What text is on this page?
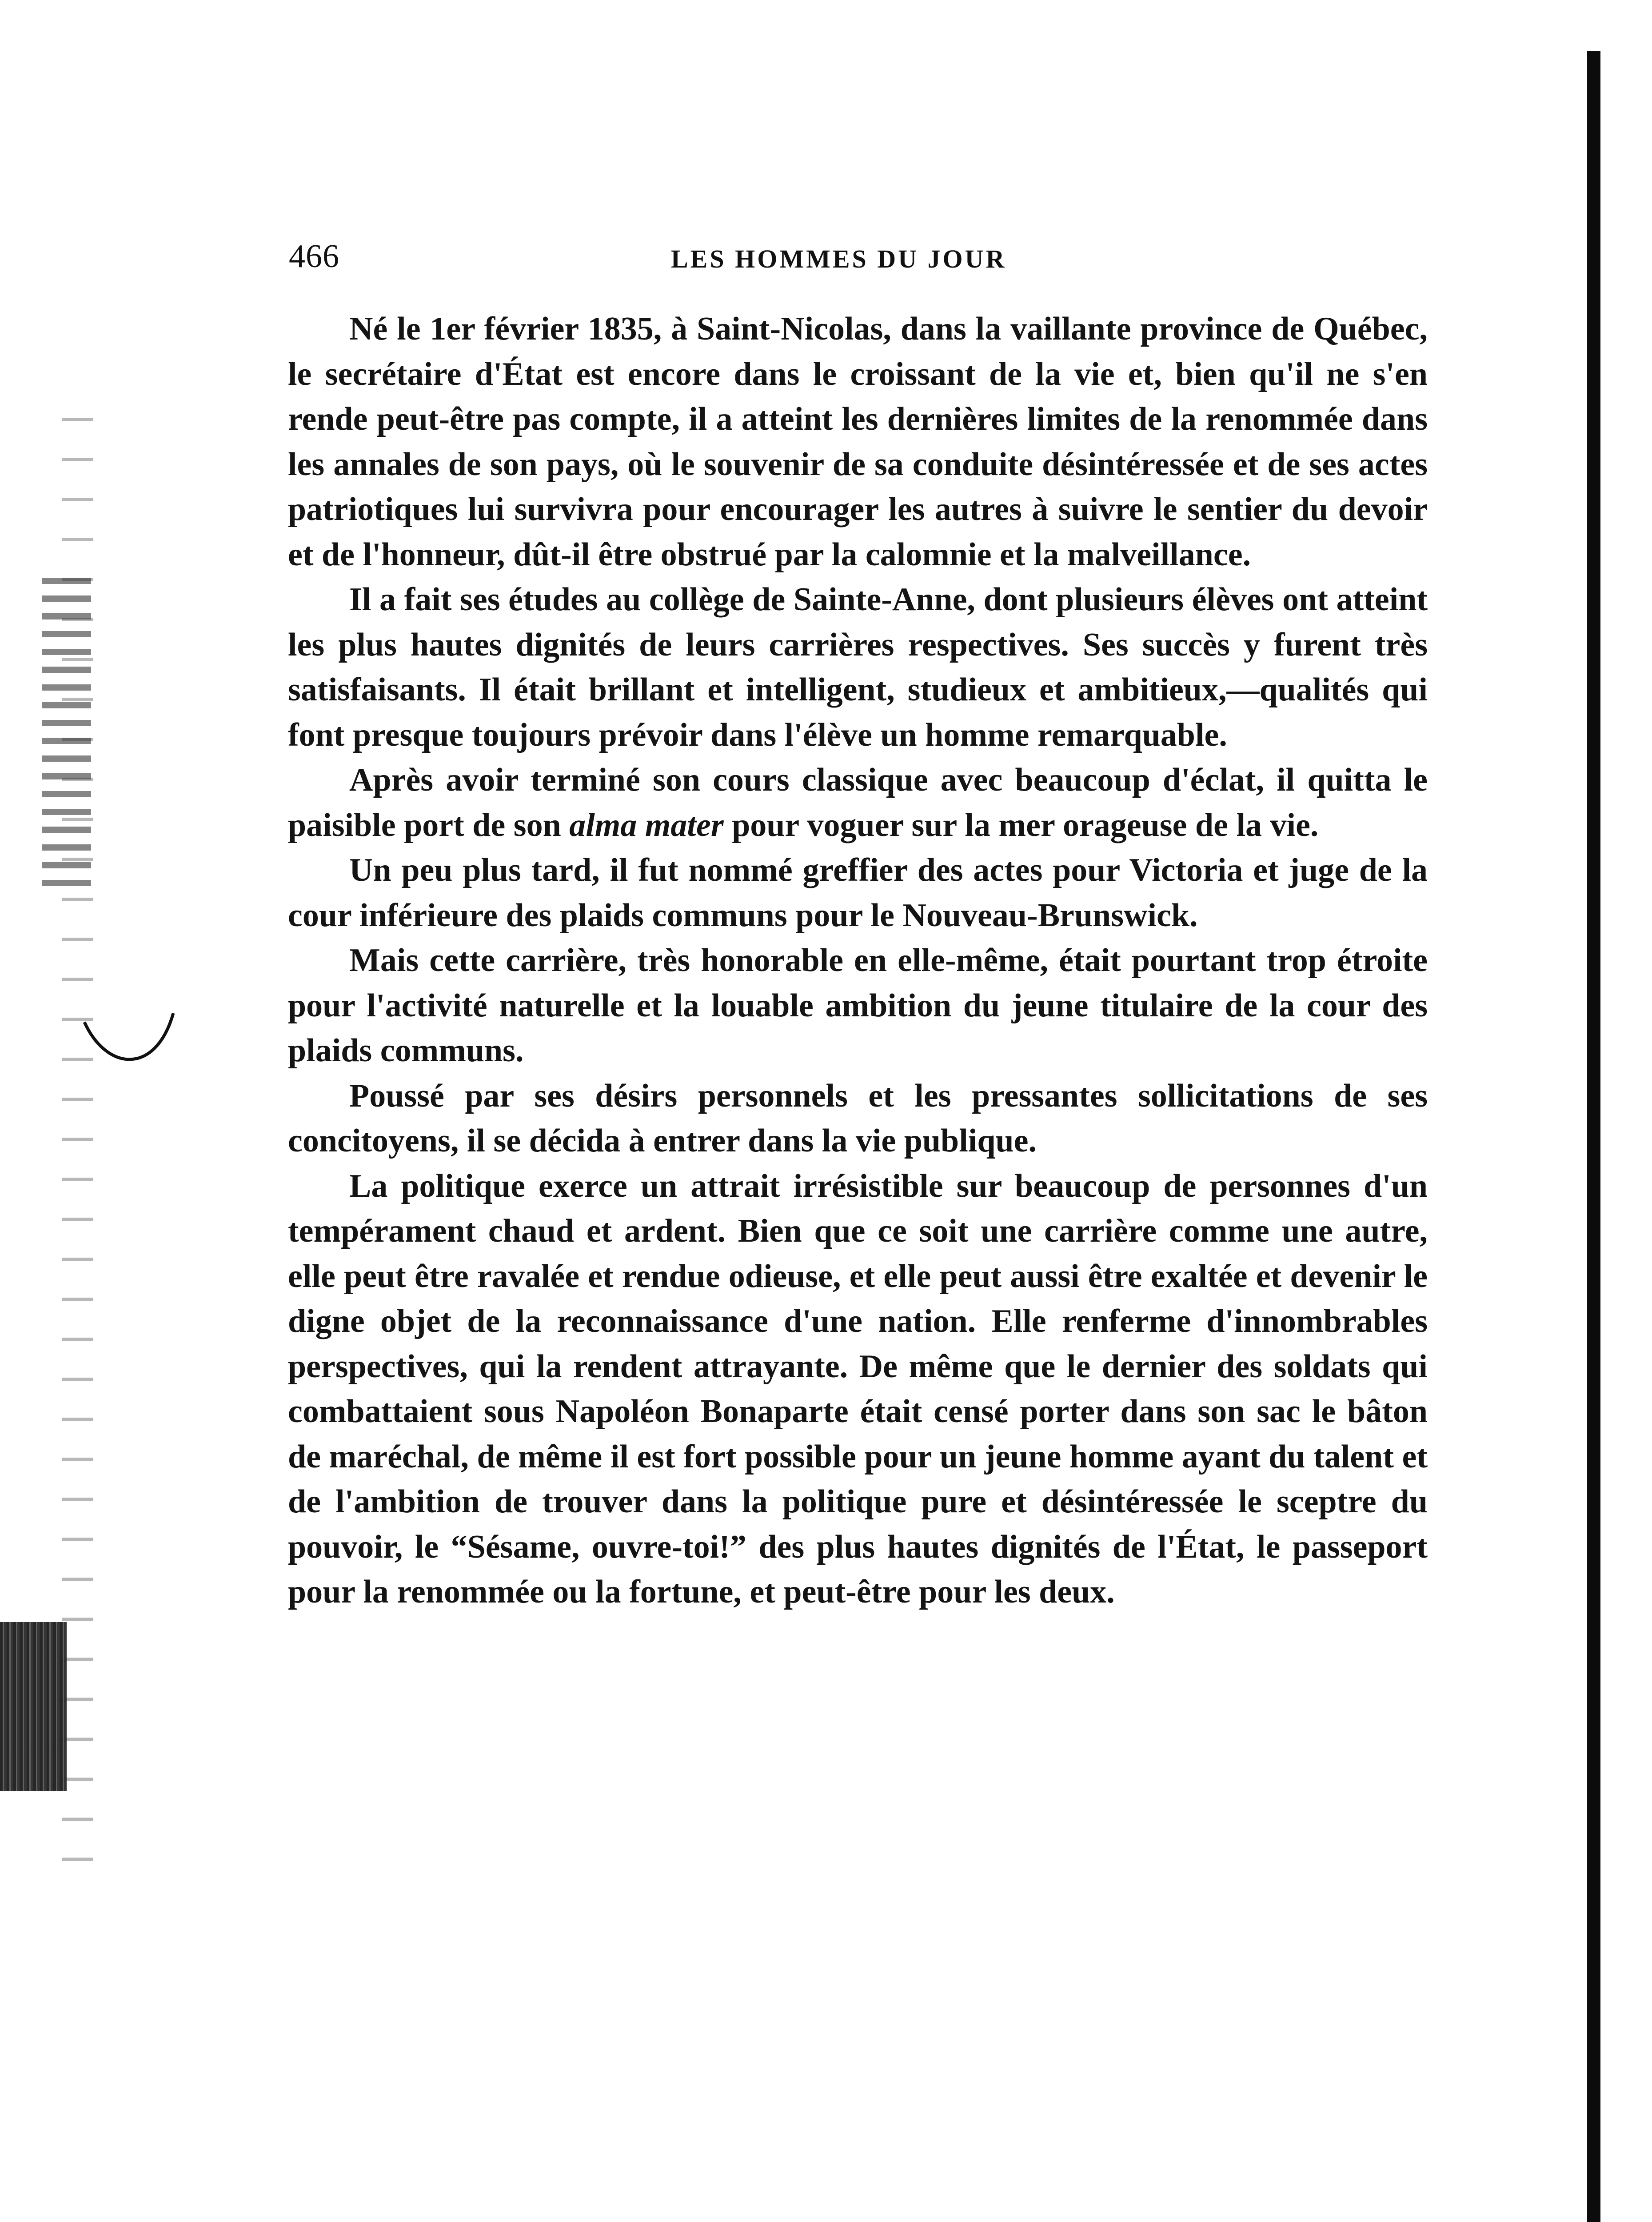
466	LES HOMMES DU JOUR

Né le 1er février 1835, à Saint-Nicolas, dans la vaillante province de Québec, le secrétaire d'État est encore dans le croissant de la vie et, bien qu'il ne s'en rende peut-être pas compte, il a atteint les dernières limites de la renommée dans les annales de son pays, où le souvenir de sa conduite désintéressée et de ses actes patriotiques lui survivra pour encourager les autres à suivre le sentier du devoir et de l'honneur, dût-il être obstrué par la calomnie et la malveillance.

Il a fait ses études au collège de Sainte-Anne, dont plusieurs élèves ont atteint les plus hautes dignités de leurs carrières respectives. Ses succès y furent très satisfaisants. Il était brillant et intelligent, studieux et ambitieux,—qualités qui font presque toujours prévoir dans l'élève un homme remarquable.

Après avoir terminé son cours classique avec beaucoup d'éclat, il quitta le paisible port de son alma mater pour voguer sur la mer orageuse de la vie.

Un peu plus tard, il fut nommé greffier des actes pour Victoria et juge de la cour inférieure des plaids communs pour le Nouveau-Brunswick.

Mais cette carrière, très honorable en elle-même, était pourtant trop étroite pour l'activité naturelle et la louable ambition du jeune titulaire de la cour des plaids communs.

Poussé par ses désirs personnels et les pressantes sollicitations de ses concitoyens, il se décida à entrer dans la vie publique.

La politique exerce un attrait irrésistible sur beaucoup de personnes d'un tempérament chaud et ardent. Bien que ce soit une carrière comme une autre, elle peut être ravalée et rendue odieuse, et elle peut aussi être exaltée et devenir le digne objet de la reconnaissance d'une nation. Elle renferme d'innombrables perspectives, qui la rendent attrayante. De même que le dernier des soldats qui combattaient sous Napoléon Bonaparte était censé porter dans son sac le bâton de maréchal, de même il est fort possible pour un jeune homme ayant du talent et de l'ambition de trouver dans la politique pure et désintéressée le sceptre du pouvoir, le “Sésame, ouvre-toi!” des plus hautes dignités de l'État, le passeport pour la renommée ou la fortune, et peut-être pour les deux.
